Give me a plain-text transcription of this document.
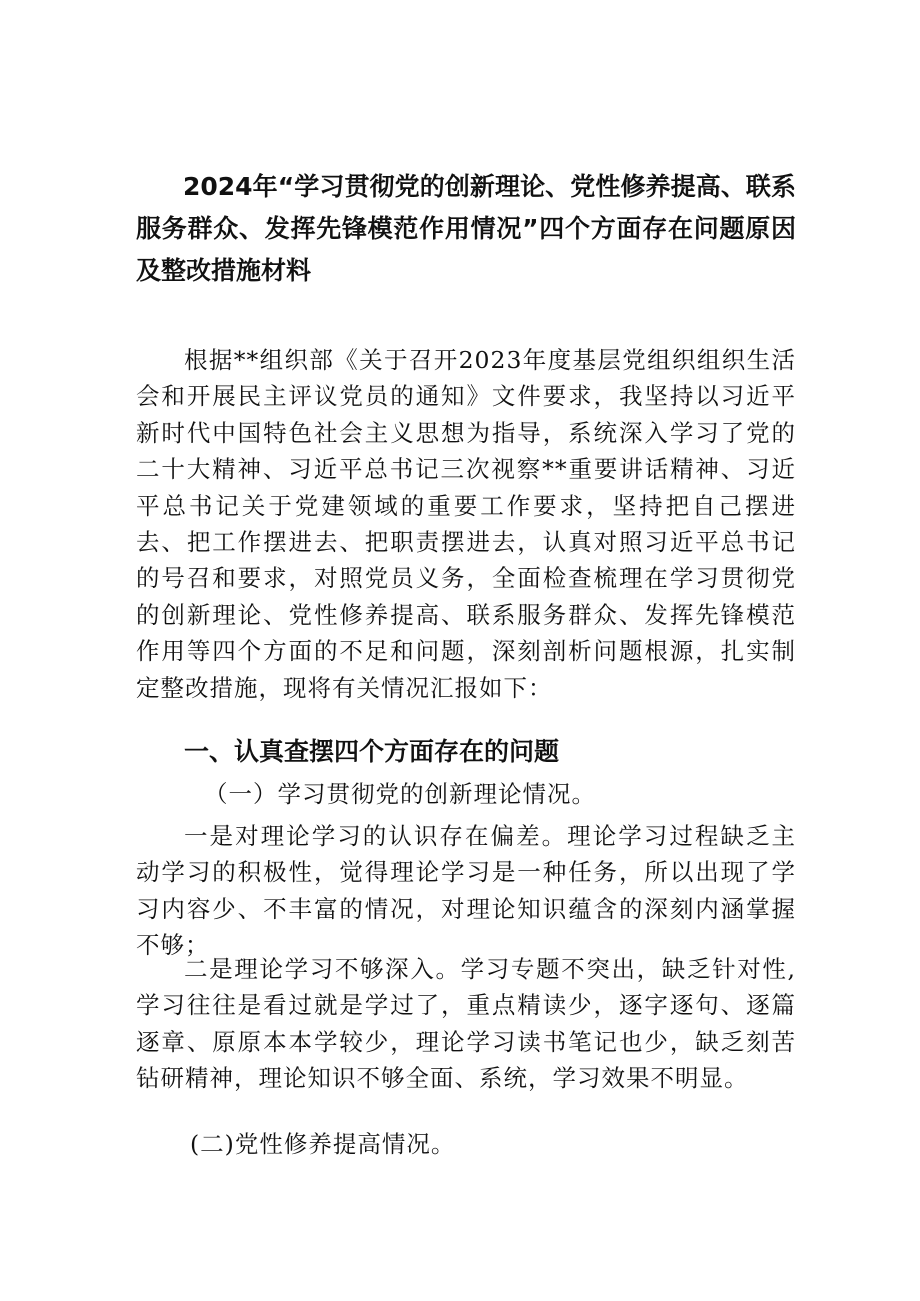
2024年“学习贯彻党的创新理论、党性修养提高、联系服务群众、发挥先锋模范作用情况”四个方面存在问题原因及整改措施材料

根据**组织部《关于召开2023年度基层党组织组织生活会和开展民主评议党员的通知》文件要求，我坚持以习近平新时代中国特色社会主义思想为指导，系统深入学习了党的二十大精神、习近平总书记三次视察**重要讲话精神、习近平总书记关于党建领域的重要工作要求，坚持把自己摆进去、把工作摆进去、把职责摆进去，认真对照习近平总书记的号召和要求，对照党员义务，全面检查梳理在学习贯彻党的创新理论、党性修养提高、联系服务群众、发挥先锋模范作用等四个方面的不足和问题，深刻剖析问题根源，扎实制定整改措施，现将有关情况汇报如下：

一、认真查摆四个方面存在的问题

（一）学习贯彻党的创新理论情况。

一是对理论学习的认识存在偏差。理论学习过程缺乏主动学习的积极性，觉得理论学习是一种任务，所以出现了学习内容少、不丰富的情况，对理论知识蕴含的深刻内涵掌握不够；

二是理论学习不够深入。学习专题不突出，缺乏针对性,学习往往是看过就是学过了，重点精读少，逐字逐句、逐篇逐章、原原本本学较少，理论学习读书笔记也少，缺乏刻苦钻研精神，理论知识不够全面、系统，学习效果不明显。

(二)党性修养提高情况。
